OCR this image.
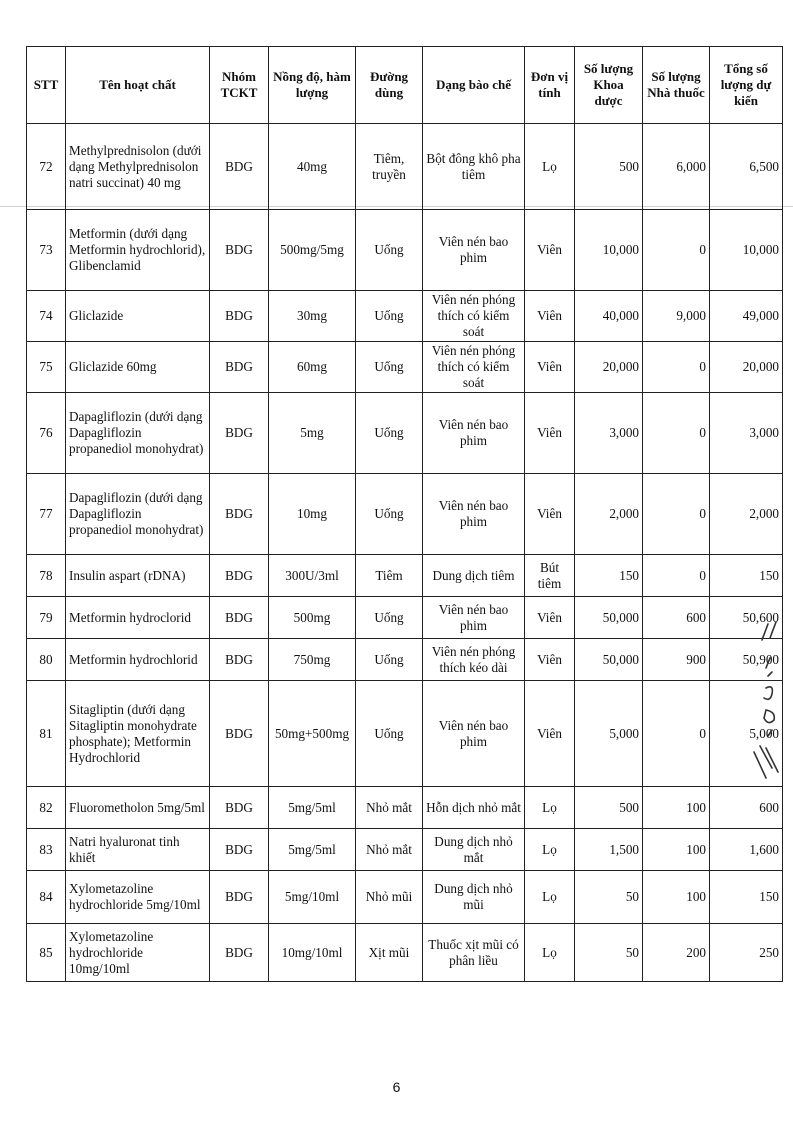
STT	Tên hoạt chất	Nhóm TCKT	Nồng độ, hàm lượng	Đường dùng	Dạng bào chế	Đơn vị tính	Số lượng Khoa dược	Số lượng Nhà thuốc	Tổng số lượng dự kiến
72	Methylprednisolon (dưới dạng Methylprednisolon natri succinat) 40 mg	BDG	40mg	Tiêm, truyền	Bột đông khô pha tiêm	Lọ	500	6,000	6,500
73	Metformin (dưới dạng Metformin hydrochlorid), Glibenclamid	BDG	500mg/5mg	Uống	Viên nén bao phim	Viên	10,000	0	10,000
74	Gliclazide	BDG	30mg	Uống	Viên nén phóng thích có kiểm soát	Viên	40,000	9,000	49,000
75	Gliclazide 60mg	BDG	60mg	Uống	Viên nén phóng thích có kiểm soát	Viên	20,000	0	20,000
76	Dapagliflozin (dưới dạng Dapagliflozin propanediol monohydrat)	BDG	5mg	Uống	Viên nén bao phim	Viên	3,000	0	3,000
77	Dapagliflozin (dưới dạng Dapagliflozin propanediol monohydrat)	BDG	10mg	Uống	Viên nén bao phim	Viên	2,000	0	2,000
78	Insulin aspart (rDNA)	BDG	300U/3ml	Tiêm	Dung dịch tiêm	Bút tiêm	150	0	150
79	Metformin hydroclorid	BDG	500mg	Uống	Viên nén bao phim	Viên	50,000	600	50,600
80	Metformin hydrochlorid	BDG	750mg	Uống	Viên nén phóng thích kéo dài	Viên	50,000	900	50,900
81	Sitagliptin (dưới dạng Sitagliptin monohydrate phosphate); Metformin Hydrochlorid	BDG	50mg+500mg	Uống	Viên nén bao phim	Viên	5,000	0	5,000
82	Fluorometholon 5mg/5ml	BDG	5mg/5ml	Nhỏ mắt	Hỗn dịch nhỏ mắt	Lọ	500	100	600
83	Natri hyaluronat tinh khiết	BDG	5mg/5ml	Nhỏ mắt	Dung dịch nhỏ mắt	Lọ	1,500	100	1,600
84	Xylometazoline hydrochloride 5mg/10ml	BDG	5mg/10ml	Nhỏ mũi	Dung dịch nhỏ mũi	Lọ	50	100	150
85	Xylometazoline hydrochloride 10mg/10ml	BDG	10mg/10ml	Xịt mũi	Thuốc xịt mũi có phân liều	Lọ	50	200	250
6
